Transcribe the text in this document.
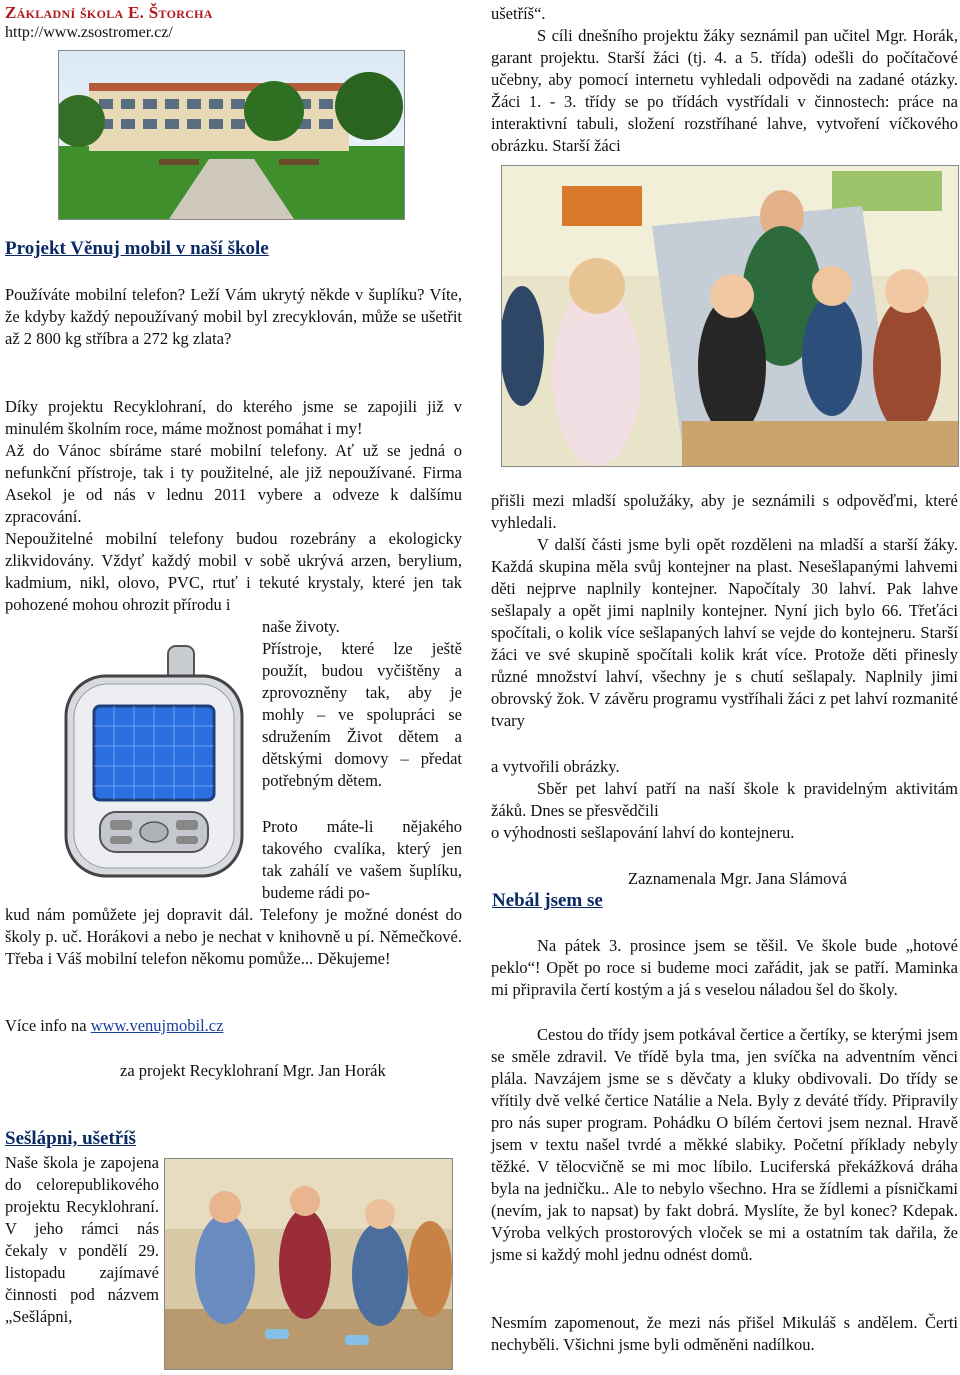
Základní škola E. Štorcha
http://www.zsostromer.cz/
Projekt Věnuj mobil v naší škole

Používáte mobilní telefon? Leží Vám ukrytý někde v šuplíku? Víte, že kdyby každý nepoužívaný mobil byl zrecyklován, může se ušetřit až 2 800 kg stříbra a 272 kg zlata?

Díky projektu Recyklohraní, do kterého jsme se zapojili již v minulém školním roce, máme možnost pomáhat i my!

Až do Vánoc sbíráme staré mobilní telefony. Ať už se jedná o nefunkční přístroje, tak i ty použitelné, ale již nepoužívané. Firma Asekol je od nás v lednu 2011 vybere a odveze k dalšímu zpracování.

Nepoužitelné mobilní telefony budou rozebrány a ekologicky zlikvidovány. Vždyť každý mobil v sobě ukrývá arzen, berylium, kadmium, nikl, olovo, PVC, rtuť i tekuté krystaly, které jen tak pohozené mohou ohrozit přírodu i

naše životy.

Přístroje, které lze ještě použít, budou vyčištěny a zprovozněny tak, aby je mohly – ve spolupráci se sdružením Život dětem a dětskými domovy – předat potřebným dětem.

Proto máte-li nějakého takového cvalíka, který jen tak zahálí ve vašem šuplíku, budeme rádi po-

kud nám pomůžete jej dopravit dál. Telefony je možné donést do školy p. uč. Horákovi a nebo je nechat v knihovně u pí. Němečkové. Třeba i Váš mobilní telefon někomu pomůže... Děkujeme!

Více info na www.venujmobil.cz
za projekt Recyklohraní Mgr. Jan Horák
Sešlápni, ušetříš

Naše škola je zapojena do celorepublikového projektu Recyklohraní. V jeho rámci nás čekaly v pondělí 29. listopadu zajímavé činnosti pod názvem „Sešlápni,

ušetříš“.

S cíli dnešního projektu žáky seznámil pan učitel Mgr. Horák, garant projektu. Starší žáci (tj. 4. a 5. třída) odešli do počítačové učebny, aby pomocí internetu vyhledali odpovědi na zadané otázky. Žáci 1. - 3. třídy se po třídách vystřídali v činnostech: práce na interaktivní tabuli, složení rozstříhané lahve, vytvoření víčkového obrázku. Starší žáci

přišli mezi mladší spolužáky, aby je seznámili s odpověďmi, které vyhledali.

V další části jsme byli opět rozděleni na mladší a starší žáky. Každá skupina měla svůj kontejner na plast. Nesešlapanými lahvemi děti nejprve naplnily kontejner. Napočítaly 30 lahví. Pak lahve sešlapaly a opět jimi naplnily kontejner. Nyní jich bylo 66. Třeťáci spočítali, o kolik více sešlapaných lahví se vejde do kontejneru. Starší žáci ve své skupině spočítali kolik krát více. Protože děti přinesly různé množství lahví, všechny je s chutí sešlapaly. Naplnily jimi obrovský žok. V závěru programu vystříhali žáci z pet lahví rozmanité tvary

a vytvořili obrázky.

Sběr pet lahví patří na naší škole k pravidelným aktivitám žáků. Dnes se přesvědčili

o výhodnosti sešlapování lahví do kontejneru.

Zaznamenala Mgr. Jana Slámová
Nebál jsem se

Na pátek 3. prosince jsem se těšil. Ve škole bude „hotové peklo“! Opět po roce si budeme moci zařádit, jak se patří. Maminka mi připravila čertí kostým a já s veselou náladou šel do školy.

Cestou do třídy jsem potkával čertice a čertíky, se kterými jsem se směle zdravil. Ve třídě byla tma, jen svíčka na adventním věnci plála. Navzájem jsme se s děvčaty a kluky obdivovali. Do třídy se vřítily dvě velké čertice Natálie a Nela. Byly z deváté třídy. Připravily pro nás super program. Pohádku O bílém čertovi jsem neznal. Hravě jsem v textu našel tvrdé a měkké slabiky. Početní příklady nebyly těžké. V tělocvičně se mi moc líbilo. Luciferská překážková dráha byla na jedničku.. Ale to nebylo všechno. Hra se žídlemi a písničkami (nevím, jak to napsat) by fakt dobrá. Myslíte, že byl konec? Kdepak. Výroba velkých prostorových vloček se mi a ostatním tak dařila, že jsme si každý mohl jednu odnést domů.

Nesmím zapomenout, že mezi nás přišel Mikuláš s andělem. Čerti nechyběli. Všichni jsme byli odměněni nadílkou.
